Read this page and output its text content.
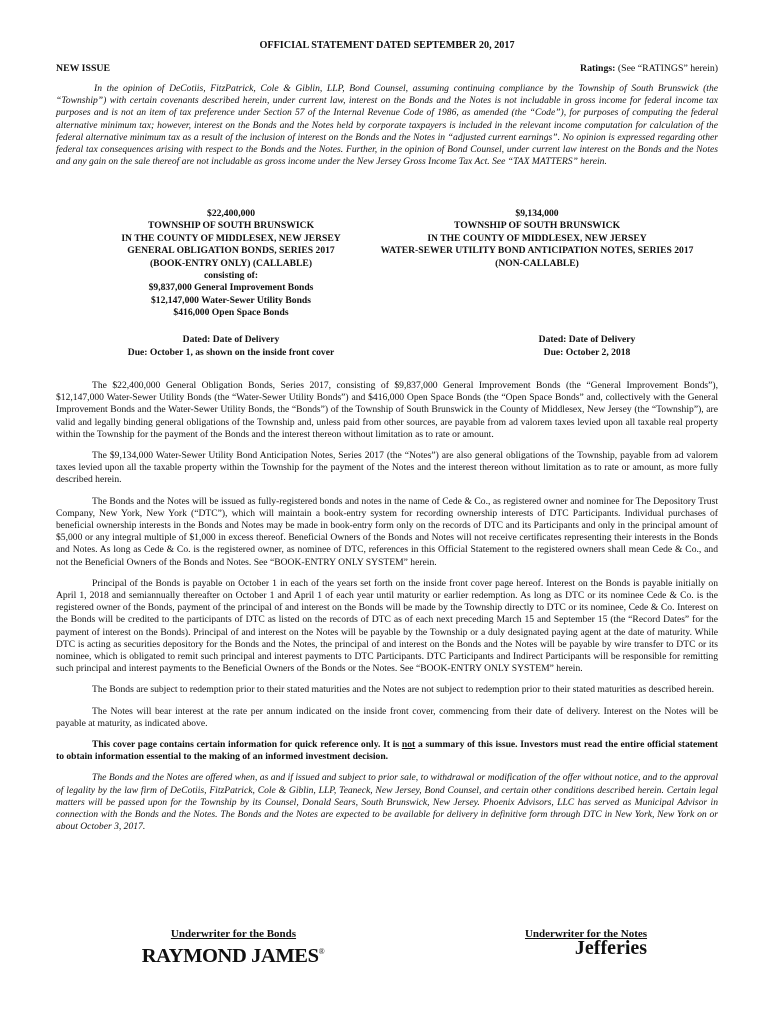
OFFICIAL STATEMENT DATED SEPTEMBER 20, 2017
NEW ISSUE	Ratings: (See “RATINGS” herein)
In the opinion of DeCotiis, FitzPatrick, Cole & Giblin, LLP, Bond Counsel, assuming continuing compliance by the Township of South Brunswick (the “Township”) with certain covenants described herein, under current law, interest on the Bonds and the Notes is not includable in gross income for federal income tax purposes and is not an item of tax preference under Section 57 of the Internal Revenue Code of 1986, as amended (the “Code”), for purposes of computing the federal alternative minimum tax; however, interest on the Bonds and the Notes held by corporate taxpayers is included in the relevant income computation for calculation of the federal alternative minimum tax as a result of the inclusion of interest on the Bonds and the Notes in “adjusted current earnings”. No opinion is expressed regarding other federal tax consequences arising with respect to the Bonds and the Notes. Further, in the opinion of Bond Counsel, under current law interest on the Bonds and the Notes and any gain on the sale thereof are not includable as gross income under the New Jersey Gross Income Tax Act. See “TAX MATTERS” herein.
$22,400,000
TOWNSHIP OF SOUTH BRUNSWICK
IN THE COUNTY OF MIDDLESEX, NEW JERSEY
GENERAL OBLIGATION BONDS, SERIES 2017
(BOOK-ENTRY ONLY) (CALLABLE)
consisting of:
$9,837,000 General Improvement Bonds
$12,147,000 Water-Sewer Utility Bonds
$416,000 Open Space Bonds
$9,134,000
TOWNSHIP OF SOUTH BRUNSWICK
IN THE COUNTY OF MIDDLESEX, NEW JERSEY
WATER-SEWER UTILITY BOND ANTICIPATION NOTES, SERIES 2017
(NON-CALLABLE)
Dated: Date of Delivery
Due: October 1, as shown on the inside front cover
Dated: Date of Delivery
Due: October 2, 2018

The $22,400,000 General Obligation Bonds, Series 2017, consisting of $9,837,000 General Improvement Bonds (the “General Improvement Bonds”), $12,147,000 Water-Sewer Utility Bonds (the “Water-Sewer Utility Bonds”) and $416,000 Open Space Bonds (the “Open Space Bonds” and, collectively with the General Improvement Bonds and the Water-Sewer Utility Bonds, the “Bonds”) of the Township of South Brunswick in the County of Middlesex, New Jersey (the “Township”), are valid and legally binding general obligations of the Township and, unless paid from other sources, are payable from ad valorem taxes levied upon all taxable real property within the Township for the payment of the Bonds and the interest thereon without limitation as to rate or amount.

The $9,134,000 Water-Sewer Utility Bond Anticipation Notes, Series 2017 (the “Notes”) are also general obligations of the Township, payable from ad valorem taxes levied upon all the taxable property within the Township for the payment of the Notes and the interest thereon without limitation as to rate or amount, as more fully described herein.

The Bonds and the Notes will be issued as fully-registered bonds and notes in the name of Cede & Co., as registered owner and nominee for The Depository Trust Company, New York, New York (“DTC”), which will maintain a book-entry system for recording ownership interests of DTC Participants. Individual purchases of beneficial ownership interests in the Bonds and Notes may be made in book-entry form only on the records of DTC and its Participants and only in the principal amount of $5,000 or any integral multiple of $1,000 in excess thereof. Beneficial Owners of the Bonds and Notes will not receive certificates representing their interests in the Bonds and Notes. As long as Cede & Co. is the registered owner, as nominee of DTC, references in this Official Statement to the registered owners shall mean Cede & Co., and not the Beneficial Owners of the Bonds and Notes. See “BOOK-ENTRY ONLY SYSTEM” herein.

Principal of the Bonds is payable on October 1 in each of the years set forth on the inside front cover page hereof. Interest on the Bonds is payable initially on April 1, 2018 and semiannually thereafter on October 1 and April 1 of each year until maturity or earlier redemption. As long as DTC or its nominee Cede & Co. is the registered owner of the Bonds, payment of the principal of and interest on the Bonds will be made by the Township directly to DTC or its nominee, Cede & Co. Interest on the Bonds will be credited to the participants of DTC as listed on the records of DTC as of each next preceding March 15 and September 15 (the “Record Dates” for the payment of interest on the Bonds). Principal of and interest on the Notes will be payable by the Township or a duly designated paying agent at the date of maturity. While DTC is acting as securities depository for the Bonds and the Notes, the principal of and interest on the Bonds and the Notes will be payable by wire transfer to DTC or its nominee, which is obligated to remit such principal and interest payments to DTC Participants. DTC Participants and Indirect Participants will be responsible for remitting such principal and interest payments to the Beneficial Owners of the Bonds or the Notes. See “BOOK-ENTRY ONLY SYSTEM” herein.

The Bonds are subject to redemption prior to their stated maturities and the Notes are not subject to redemption prior to their stated maturities as described herein.

The Notes will bear interest at the rate per annum indicated on the inside front cover, commencing from their date of delivery. Interest on the Notes will be payable at maturity, as indicated above.

This cover page contains certain information for quick reference only. It is not a summary of this issue. Investors must read the entire official statement to obtain information essential to the making of an informed investment decision.

The Bonds and the Notes are offered when, as and if issued and subject to prior sale, to withdrawal or modification of the offer without notice, and to the approval of legality by the law firm of DeCotiis, FitzPatrick, Cole & Giblin, LLP, Teaneck, New Jersey, Bond Counsel, and certain other conditions described herein. Certain legal matters will be passed upon for the Township by its Counsel, Donald Sears, South Brunswick, New Jersey. Phoenix Advisors, LLC has served as Municipal Advisor in connection with the Bonds and the Notes. The Bonds and the Notes are expected to be available for delivery in definitive form through DTC in New York, New York on or about October 3, 2017.

Underwriter for the Bonds	Underwriter for the Notes
RAYMOND JAMES®	Jefferies
